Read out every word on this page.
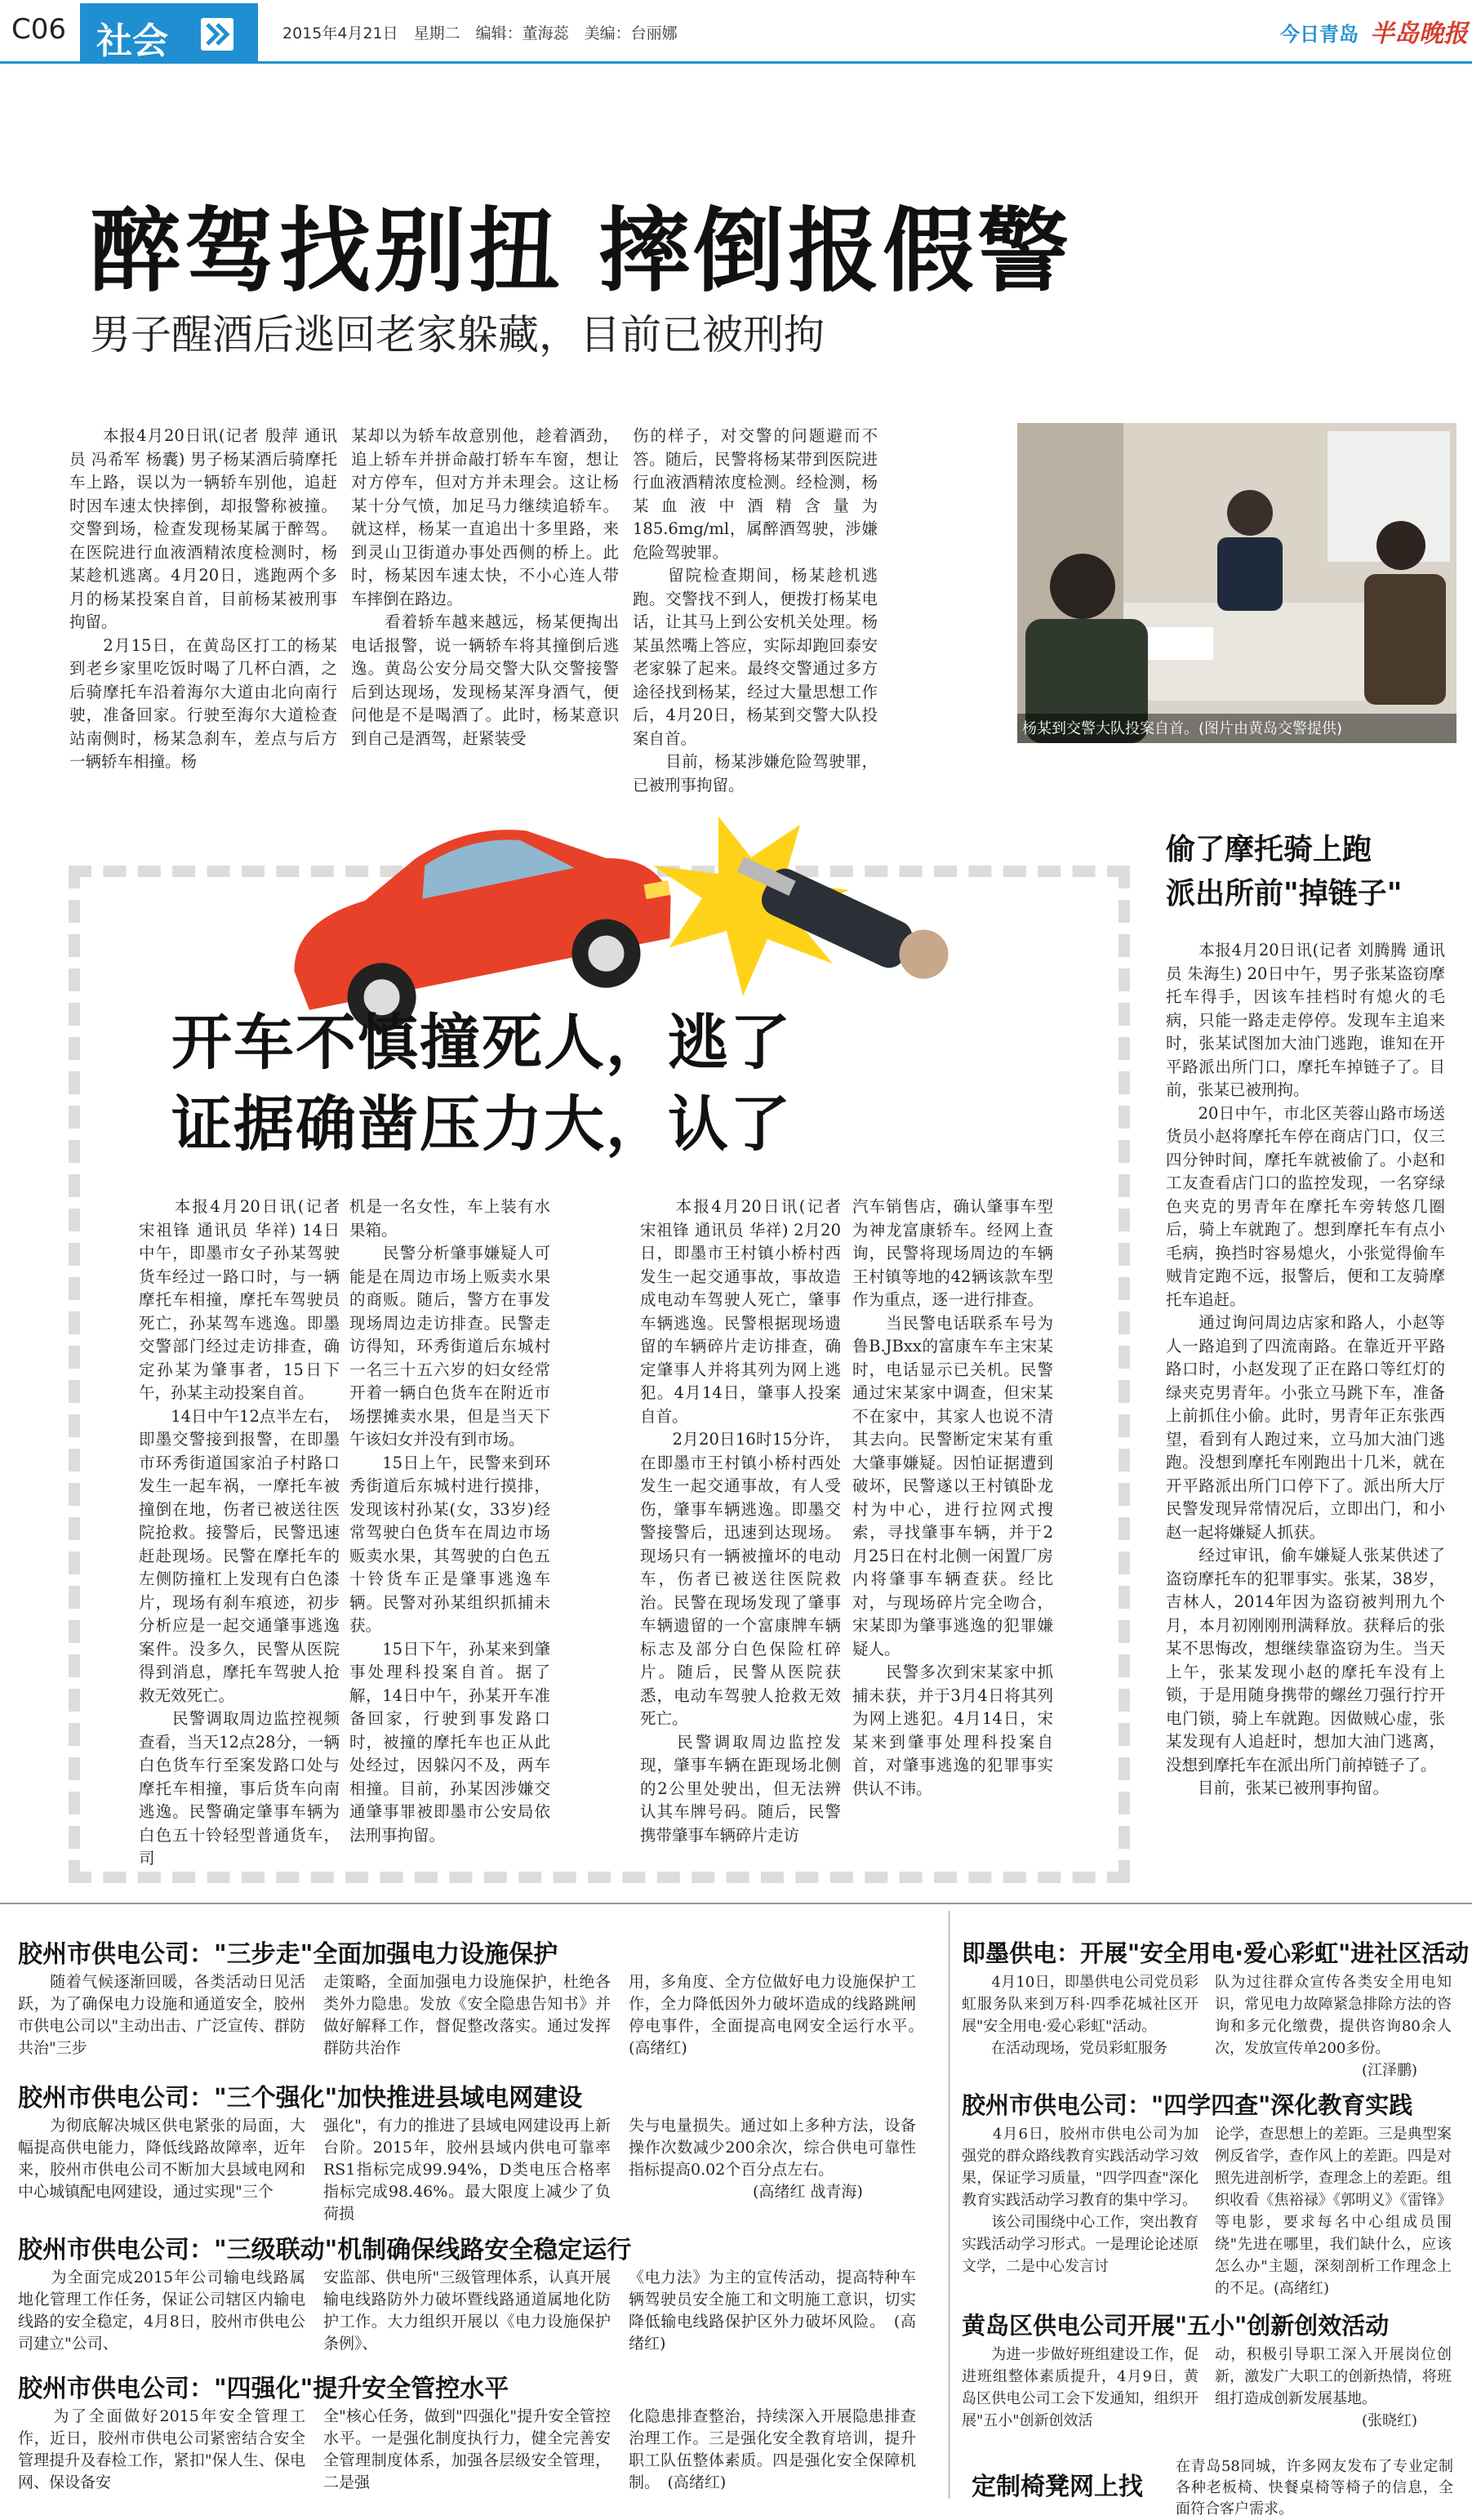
C06 社会	2015年4月21日　星期二　编辑：董海蕊　美编：台丽娜	今日青岛 半岛晚报
醉驾找别扭 摔倒报假警
男子醒酒后逃回老家躲藏，目前已被刑拘
　　本报4月20日讯(记者 殷萍 通讯员 冯希军 杨囊) 男子杨某酒后骑摩托车上路，误以为一辆轿车别他，追赶时因车速太快摔倒，却报警称被撞。交警到场，检查发现杨某属于醉驾。在医院进行血液酒精浓度检测时，杨某趁机逃离。4月20日，逃跑两个多月的杨某投案自首，目前杨某被刑事拘留。
　　2月15日，在黄岛区打工的杨某到老乡家里吃饭时喝了几杯白酒，之后骑摩托车沿着海尔大道由北向南行驶，准备回家。行驶至海尔大道检查站南侧时，杨某急刹车，差点与后方一辆轿车相撞。杨
某却以为轿车故意别他，趁着酒劲，追上轿车并拼命敲打轿车车窗，想让对方停车，但对方并未理会。这让杨某十分气愤，加足马力继续追轿车。就这样，杨某一直追出十多里路，来到灵山卫街道办事处西侧的桥上。此时，杨某因车速太快，不小心连人带车摔倒在路边。
　　看着轿车越来越远，杨某便掏出电话报警，说一辆轿车将其撞倒后逃逸。黄岛公安分局交警大队交警接警后到达现场，发现杨某浑身酒气，便问他是不是喝酒了。此时，杨某意识到自己是酒驾，赶紧装受
伤的样子，对交警的问题避而不答。随后，民警将杨某带到医院进行血液酒精浓度检测。经检测，杨某血液中酒精含量为185.6mg/ml，属醉酒驾驶，涉嫌危险驾驶罪。
　　留院检查期间，杨某趁机逃跑。交警找不到人，便拨打杨某电话，让其马上到公安机关处理。杨某虽然嘴上答应，实际却跑回泰安老家躲了起来。最终交警通过多方途径找到杨某，经过大量思想工作后，4月20日，杨某到交警大队投案自首。
　　目前，杨某涉嫌危险驾驶罪，已被刑事拘留。
杨某到交警大队投案自首。(图片由黄岛交警提供)
开车不慎撞死人，逃了
证据确凿压力大，认了
　　本报4月20日讯(记者 宋祖锋 通讯员 华祥) 14日中午，即墨市女子孙某驾驶货车经过一路口时，与一辆摩托车相撞，摩托车驾驶员死亡，孙某驾车逃逸。即墨交警部门经过走访排查，确定孙某为肇事者，15日下午，孙某主动投案自首。
　　14日中午12点半左右，即墨交警接到报警，在即墨市环秀街道国家泊子村路口发生一起车祸，一摩托车被撞倒在地，伤者已被送往医院抢救。接警后，民警迅速赶赴现场。民警在摩托车的左侧防撞杠上发现有白色漆片，现场有刹车痕迹，初步分析应是一起交通肇事逃逸案件。没多久，民警从医院得到消息，摩托车驾驶人抢救无效死亡。
　　民警调取周边监控视频查看，当天12点28分，一辆白色货车行至案发路口处与摩托车相撞，事后货车向南逃逸。民警确定肇事车辆为白色五十铃轻型普通货车，司
机是一名女性，车上装有水果箱。
　　民警分析肇事嫌疑人可能是在周边市场上贩卖水果的商贩。随后，警方在事发现场周边走访排查。民警走访得知，环秀街道后东城村一名三十五六岁的妇女经常开着一辆白色货车在附近市场摆摊卖水果，但是当天下午该妇女并没有到市场。
　　15日上午，民警来到环秀街道后东城村进行摸排，发现该村孙某(女，33岁)经常驾驶白色货车在周边市场贩卖水果，其驾驶的白色五十铃货车正是肇事逃逸车辆。民警对孙某组织抓捕未获。
　　15日下午，孙某来到肇事处理科投案自首。据了解，14日中午，孙某开车准备回家，行驶到事发路口时，被撞的摩托车也正从此处经过，因躲闪不及，两车相撞。目前，孙某因涉嫌交通肇事罪被即墨市公安局依法刑事拘留。
　　本报4月20日讯(记者 宋祖锋 通讯员 华祥) 2月20日，即墨市王村镇小桥村西发生一起交通事故，事故造成电动车驾驶人死亡，肇事车辆逃逸。民警根据现场遗留的车辆碎片走访排查，确定肇事人并将其列为网上逃犯。4月14日，肇事人投案自首。
　　2月20日16时15分许，在即墨市王村镇小桥村西处发生一起交通事故，有人受伤，肇事车辆逃逸。即墨交警接警后，迅速到达现场。现场只有一辆被撞坏的电动车，伤者已被送往医院救治。民警在现场发现了肇事车辆遗留的一个富康牌车辆标志及部分白色保险杠碎片。随后，民警从医院获悉，电动车驾驶人抢救无效死亡。
　　民警调取周边监控发现，肇事车辆在距现场北侧的2公里处驶出，但无法辨认其车牌号码。随后，民警携带肇事车辆碎片走访
汽车销售店，确认肇事车型为神龙富康轿车。经网上查询，民警将现场周边的车辆王村镇等地的42辆该款车型作为重点，逐一进行排查。
　　当民警电话联系车号为鲁B.JBxx的富康车车主宋某时，电话显示已关机。民警通过宋某家中调查，但宋某不在家中，其家人也说不清其去向。民警断定宋某有重大肇事嫌疑。因怕证据遭到破坏，民警遂以王村镇卧龙村为中心，进行拉网式搜索，寻找肇事车辆，并于2月25日在村北侧一闲置厂房内将肇事车辆查获。经比对，与现场碎片完全吻合，宋某即为肇事逃逸的犯罪嫌疑人。
　　民警多次到宋某家中抓捕未获，并于3月4日将其列为网上逃犯。4月14日，宋某来到肇事处理科投案自首，对肇事逃逸的犯罪事实供认不讳。
偷了摩托骑上跑
派出所前"掉链子"
　　本报4月20日讯(记者 刘腾腾 通讯员 朱海生) 20日中午，男子张某盗窃摩托车得手，因该车挂档时有熄火的毛病，只能一路走走停停。发现车主追来时，张某试图加大油门逃跑，谁知在开平路派出所门口，摩托车掉链子了。目前，张某已被刑拘。
　　20日中午，市北区芙蓉山路市场送货员小赵将摩托车停在商店门口，仅三四分钟时间，摩托车就被偷了。小赵和工友查看店门口的监控发现，一名穿绿色夹克的男青年在摩托车旁转悠几圈后，骑上车就跑了。想到摩托车有点小毛病，换挡时容易熄火，小张觉得偷车贼肯定跑不远，报警后，便和工友骑摩托车追赶。
　　通过询问周边店家和路人，小赵等人一路追到了四流南路。在靠近开平路路口时，小赵发现了正在路口等红灯的绿夹克男青年。小张立马跳下车，准备上前抓住小偷。此时，男青年正东张西望，看到有人跑过来，立马加大油门逃跑。没想到摩托车刚跑出十几米，就在开平路派出所门口停下了。派出所大厅民警发现异常情况后，立即出门，和小赵一起将嫌疑人抓获。
　　经过审讯，偷车嫌疑人张某供述了盗窃摩托车的犯罪事实。张某，38岁，吉林人，2014年因为盗窃被判刑九个月，本月初刚刚刑满释放。获释后的张某不思悔改，想继续靠盗窃为生。当天上午，张某发现小赵的摩托车没有上锁，于是用随身携带的螺丝刀强行拧开电门锁，骑上车就跑。因做贼心虚，张某发现有人追赶时，想加大油门逃离，没想到摩托车在派出所门前掉链子了。
　　目前，张某已被刑事拘留。
胶州市供电公司："三步走"全面加强电力设施保护
　　随着气候逐渐回暖，各类活动日见活跃，为了确保电力设施和通道安全，胶州市供电公司以"主动出击、广泛宣传、群防共治"三步
走策略，全面加强电力设施保护，杜绝各类外力隐患。发放《安全隐患告知书》并做好解释工作，督促整改落实。通过发挥群防共治作
用，多角度、全方位做好电力设施保护工作，全力降低因外力破坏造成的线路跳闸停电事件，全面提高电网安全运行水平。　(高绪红)
胶州市供电公司："三个强化"加快推进县域电网建设
　　为彻底解决城区供电紧张的局面，大幅提高供电能力，降低线路故障率，近年来，胶州市供电公司不断加大县域电网和中心城镇配电网建设，通过实现"三个
强化"，有力的推进了县域电网建设再上新台阶。2015年，胶州县域内供电可靠率RS1指标完成99.94%，D类电压合格率指标完成98.46%。最大限度上减少了负荷损
失与电量损失。通过如上多种方法，设备操作次数减少200余次，综合供电可靠性指标提高0.02个百分点左右。
　　　　　　　　(高绪红 战青海)
胶州市供电公司："三级联动"机制确保线路安全稳定运行
　　为全面完成2015年公司输电线路属地化管理工作任务，保证公司辖区内输电线路的安全稳定，4月8日，胶州市供电公司建立"公司、
安监部、供电所"三级管理体系，认真开展输电线路防外力破坏暨线路通道属地化防护工作。大力组织开展以《电力设施保护条例》、
《电力法》为主的宣传活动，提高特种车辆驾驶员安全施工和文明施工意识，切实降低输电线路保护区外力破坏风险。　(高绪红)
胶州市供电公司："四强化"提升安全管控水平
　　为了全面做好2015年安全管理工作，近日，胶州市供电公司紧密结合安全管理提升及春检工作，紧扣"保人生、保电网、保设备安
全"核心任务，做到"四强化"提升安全管控水平。一是强化制度执行力，健全完善安全管理制度体系，加强各层级安全管理，二是强
化隐患排查整治，持续深入开展隐患排查治理工作。三是强化安全教育培训，提升职工队伍整体素质。四是强化安全保障机制。　(高绪红)
即墨供电：开展"安全用电·爱心彩虹"进社区活动
　　4月10日，即墨供电公司党员彩虹服务队来到万科·四季花城社区开展"安全用电·爱心彩虹"活动。
　　在活动现场，党员彩虹服务
队为过往群众宣传各类安全用电知识，常见电力故障紧急排除方法的咨询和多元化缴费，提供咨询80余人次，发放宣传单200多份。
　　　　　　　　　　(江泽鹏)
胶州市供电公司："四学四查"深化教育实践
　　4月6日，胶州市供电公司为加强党的群众路线教育实践活动学习效果，保证学习质量，"四学四查"深化教育实践活动学习教育的集中学习。
　　该公司围绕中心工作，突出教育实践活动学习形式。一是理论论述原文学，二是中心发言讨
论学，查思想上的差距。三是典型案例反省学，查作风上的差距。四是对照先进剖析学，查理念上的差距。组织收看《焦裕禄》《郭明义》《雷锋》等电影，要求每名中心组成员围绕"先进在哪里，我们缺什么，应该怎么办"主题，深刻剖析工作理念上的不足。(高绪红)
黄岛区供电公司开展"五小"创新创效活动
　　为进一步做好班组建设工作，促进班组整体素质提升，4月9日，黄岛区供电公司工会下发通知，组织开展"五小"创新创效活
动，积极引导职工深入开展岗位创新，激发广大职工的创新热情，将班组打造成创新发展基地。
　　　　　　　　　　(张晓红)
定制椅凳网上找
在青岛58同城，许多网友发布了专业定制各种老板椅、快餐桌椅等椅子的信息，全面符合客户需求。
